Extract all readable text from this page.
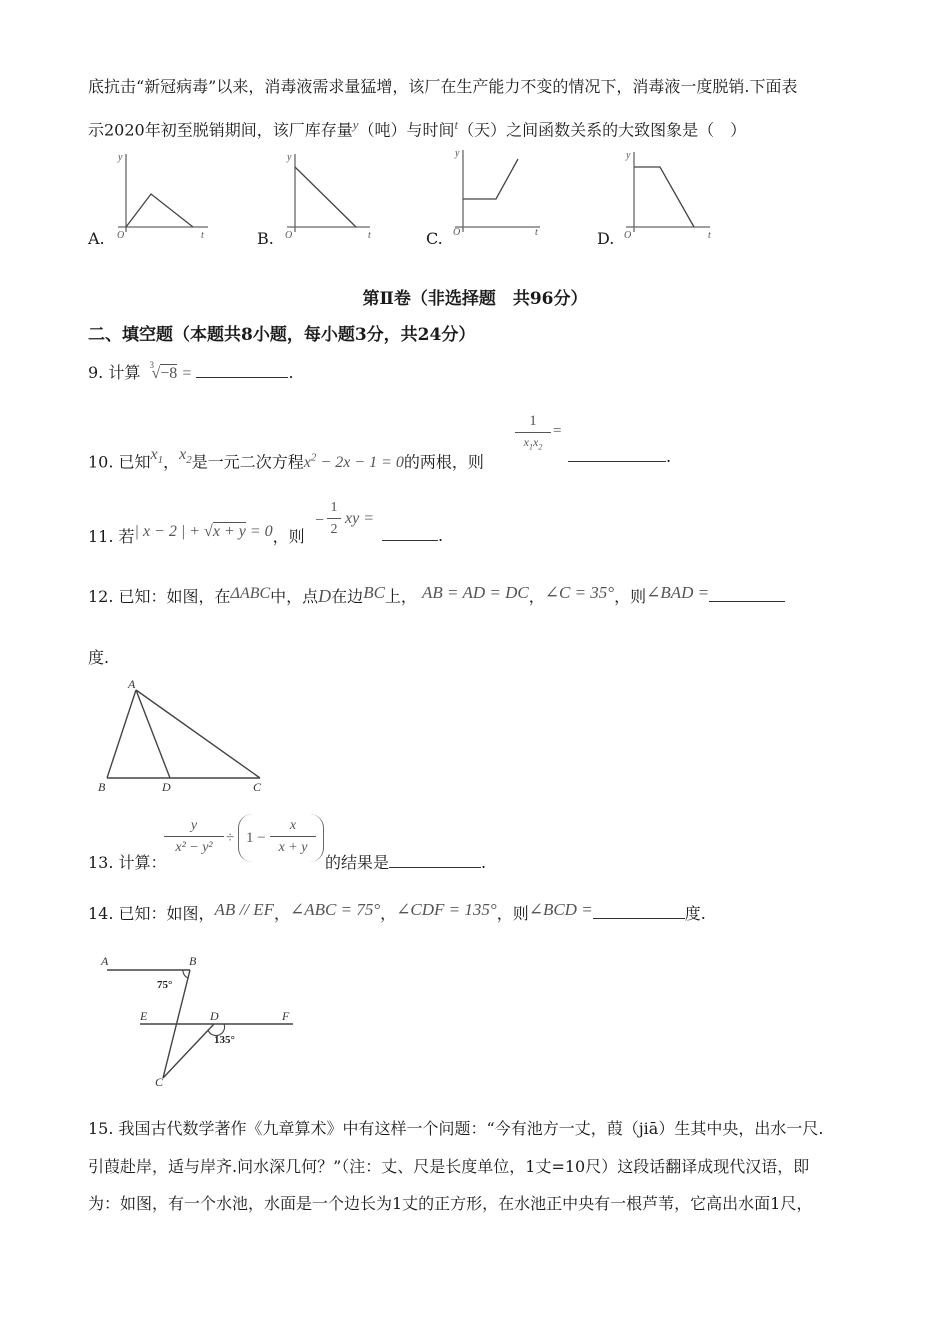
底抗击“新冠病毒”以来，消毒液需求量猛增，该厂在生产能力不变的情况下，消毒液一度脱销.下面表
示2020年初至脱销期间，该厂库存量$^y$（吨）与时间$^t$（天）之间函数关系的大致图象是（　）
y
O	t
y
O	t
y
O	t
y
O	t
A.	B.	C.	D.
第Ⅱ卷（非选择题　共96分）
二、填空题（本题共8小题，每小题3分，共24分）
9. 计算 3
√−8 =	.
10. 已知$x_1$，$x_2$是一元二次方程$x^2 - 2x - 1 = 0$的两根，则
1
$x_1x_2$
=
.
11. 若| x − 2 | + √x + y = 0，则
−
1
2
xy =
.
12. 已知：如图，在ΔABC中，点D在边BC上， AB = AD = DC，∠C = 35°，则∠BAD =
度.
A
B	D	C
13. 计算：
y
x² − y²
÷ 1 −
x
x + y
的结果是	.
14. 已知：如图，AB // EF，∠ABC = 75°，∠CDF = 135°，则∠BCD =	度.
A	B
E	D	F
C
75°
135°
15. 我国古代数学著作《九章算术》中有这样一个问题：“今有池方一丈，葭（jiā）生其中央，出水一尺.
引葭赴岸，适与岸齐.问水深几何？”（注：丈、尺是长度单位，1丈=10尺）这段话翻译成现代汉语，即
为：如图，有一个水池，水面是一个边长为1丈的正方形，在水池正中央有一根芦苇，它高出水面1尺，
